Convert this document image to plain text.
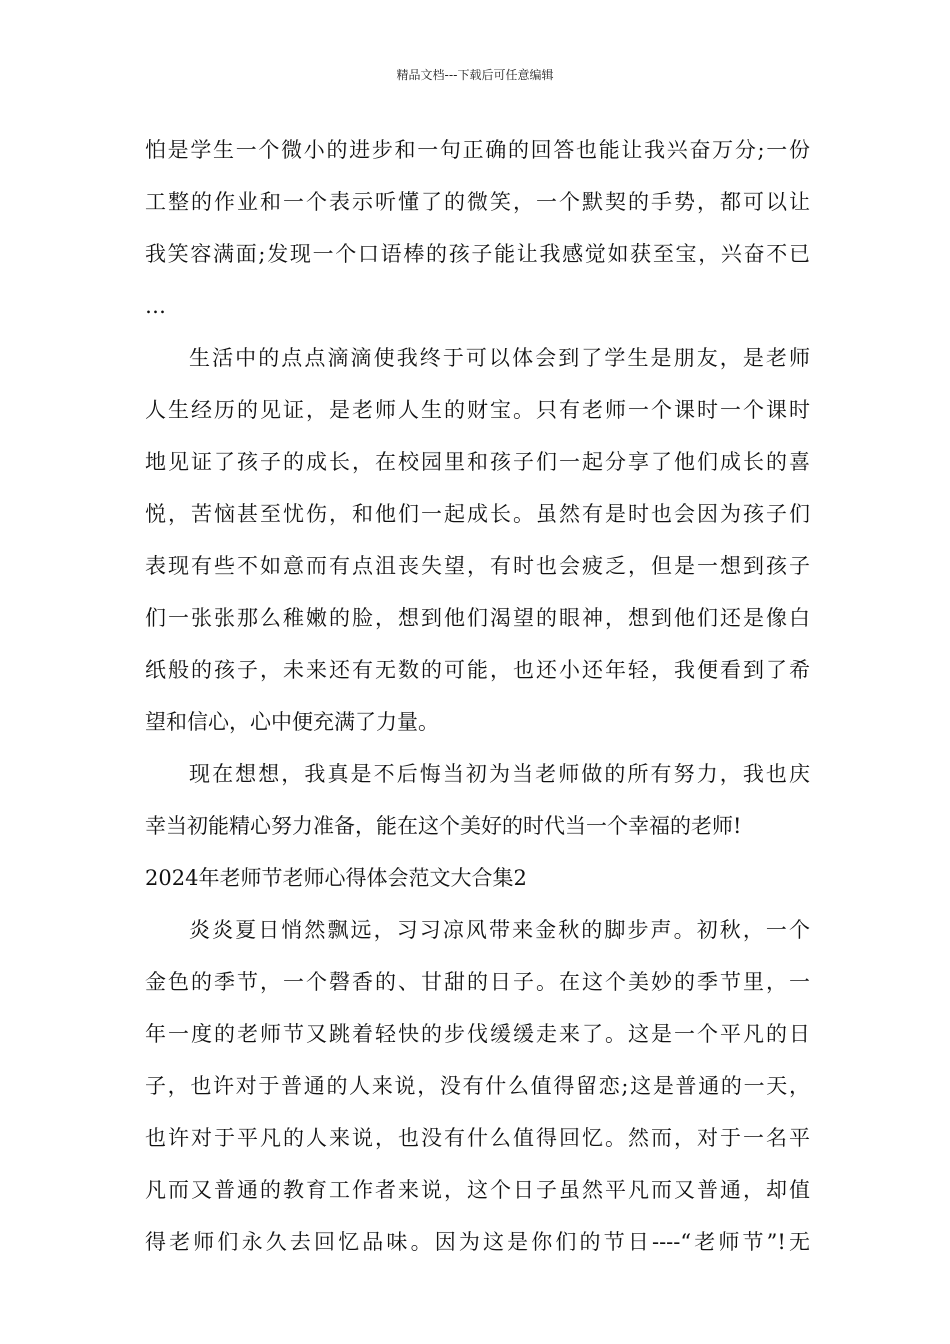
精品文档---下载后可任意编辑
怕是学生一个微小的进步和一句正确的回答也能让我兴奋万分;一份
工整的作业和一个表示听懂了的微笑，一个默契的手势，都可以让
我笑容满面;发现一个口语棒的孩子能让我感觉如获至宝，兴奋不已
…
生活中的点点滴滴使我终于可以体会到了学生是朋友，是老师
人生经历的见证，是老师人生的财宝。只有老师一个课时一个课时
地见证了孩子的成长，在校园里和孩子们一起分享了他们成长的喜
悦，苦恼甚至忧伤，和他们一起成长。虽然有是时也会因为孩子们
表现有些不如意而有点沮丧失望，有时也会疲乏，但是一想到孩子
们一张张那么稚嫩的脸，想到他们渴望的眼神，想到他们还是像白
纸般的孩子，未来还有无数的可能，也还小还年轻，我便看到了希
望和信心，心中便充满了力量。
现在想想，我真是不后悔当初为当老师做的所有努力，我也庆
幸当初能精心努力准备，能在这个美好的时代当一个幸福的老师!
2024年老师节老师心得体会范文大合集2
炎炎夏日悄然飘远，习习凉风带来金秋的脚步声。初秋，一个
金色的季节，一个磬香的、甘甜的日子。在这个美妙的季节里，一
年一度的老师节又跳着轻快的步伐缓缓走来了。这是一个平凡的日
子，也许对于普通的人来说，没有什么值得留恋;这是普通的一天，
也许对于平凡的人来说，也没有什么值得回忆。然而，对于一名平
凡而又普通的教育工作者来说，这个日子虽然平凡而又普通，却值
得老师们永久去回忆品味。因为这是你们的节日----“老师节”!无
